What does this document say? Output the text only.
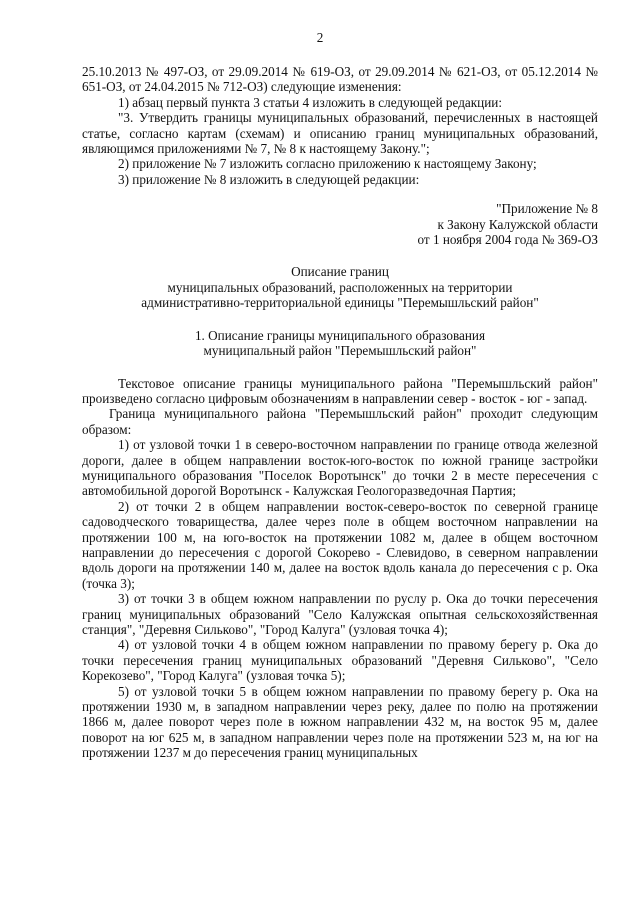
2

25.10.2013 № 497-ОЗ, от 29.09.2014 № 619-ОЗ, от 29.09.2014 № 621-ОЗ, от 05.12.2014 № 651-ОЗ, от 24.04.2015 № 712-ОЗ) следующие изменения:

1) абзац первый пункта 3 статьи 4 изложить в следующей редакции:

"3. Утвердить границы муниципальных образований, перечисленных в настоящей статье, согласно картам (схемам) и описанию границ муниципальных образований, являющимся приложениями № 7, № 8 к настоящему Закону.";

2) приложение № 7 изложить согласно приложению к настоящему Закону;

3) приложение № 8 изложить в следующей редакции:

"Приложение № 8

к Закону Калужской области

от 1 ноября 2004 года № 369-ОЗ

Описание границ

муниципальных образований, расположенных на территории

административно-территориальной единицы "Перемышльский район"

1. Описание границы муниципального образования

муниципальный район "Перемышльский район"

Текстовое описание границы муниципального района "Перемышльский район" произведено согласно цифровым обозначениям в направлении север - восток - юг - запад.

Граница муниципального района "Перемышльский район" проходит следующим образом:

1) от узловой точки 1 в северо-восточном направлении по границе отвода железной дороги, далее в общем направлении восток-юго-восток по южной границе застройки муниципального образования "Поселок Воротынск" до точки 2 в месте пересечения с автомобильной дорогой Воротынск - Калужская Геологоразведочная Партия;

2) от точки 2 в общем направлении восток-северо-восток по северной границе садоводческого товарищества, далее через поле в общем восточном направлении на протяжении 100 м, на юго-восток на протяжении 1082 м, далее в общем восточном направлении до пересечения с дорогой Сокорево - Слевидово, в северном направлении вдоль дороги на протяжении 140 м, далее на восток вдоль канала до пересечения с р. Ока (точка 3);

3) от точки 3 в общем южном направлении по руслу р. Ока до точки пересечения границ муниципальных образований "Село Калужская опытная сельскохозяйственная станция", "Деревня Сильково", "Город Калуга" (узловая точка 4);

4) от узловой точки 4 в общем южном направлении по правому берегу р. Ока до точки пересечения границ муниципальных образований "Деревня Сильково", "Село Корекозево", "Город Калуга" (узловая точка 5);

5) от узловой точки 5 в общем южном направлении по правому берегу р. Ока на протяжении 1930 м, в западном направлении через реку, далее по полю на протяжении 1866 м, далее поворот через поле в южном направлении 432 м, на восток 95 м, далее поворот на юг 625 м, в западном направлении через поле на протяжении 523 м, на юг на протяжении 1237 м до пересечения границ муниципальных
